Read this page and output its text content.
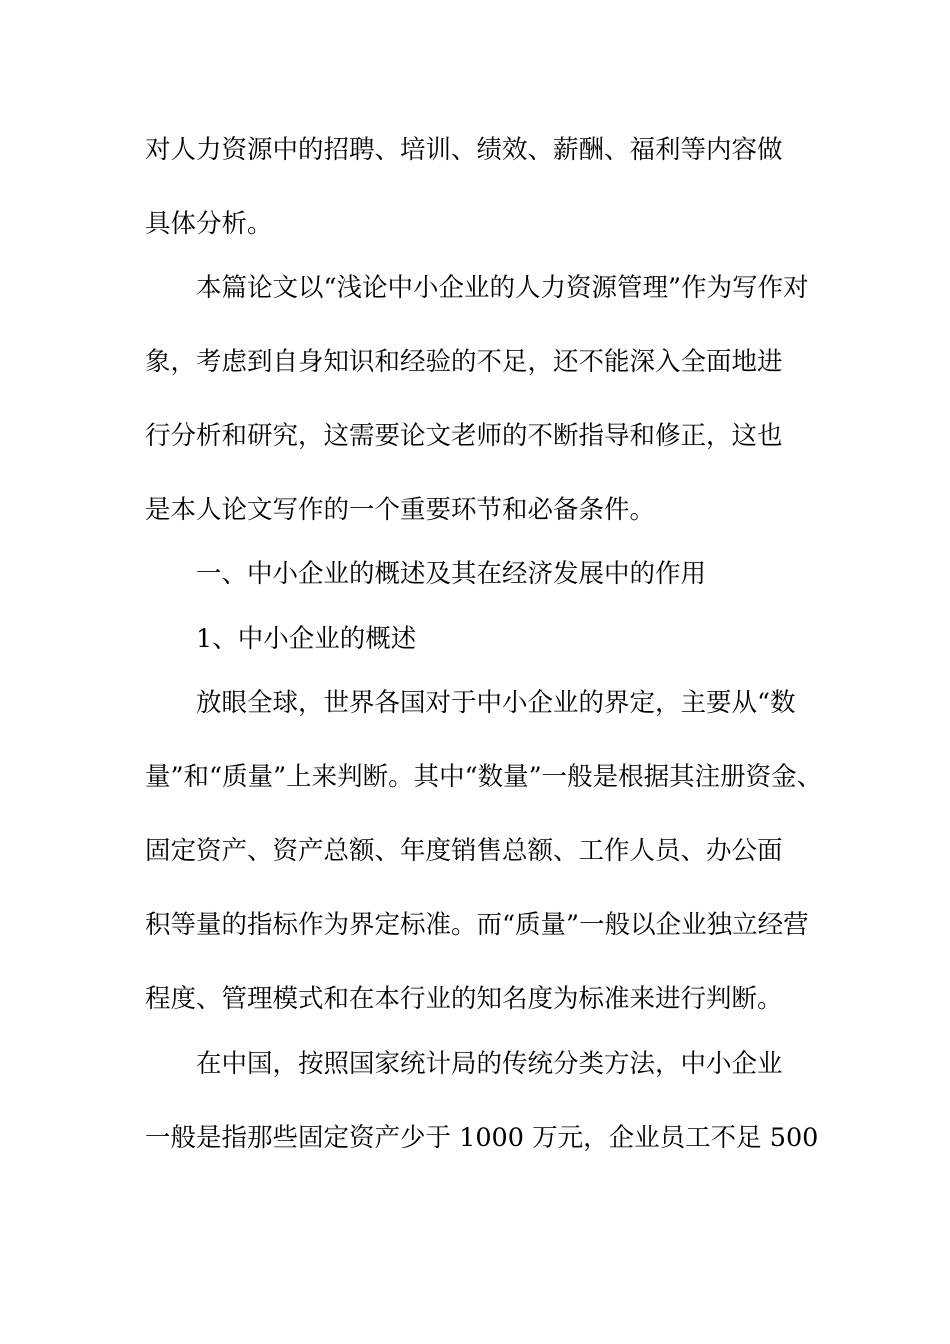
对人力资源中的招聘、培训、绩效、薪酬、福利等内容做
具体分析。
本篇论文以“浅论中小企业的人力资源管理”作为写作对
象，考虑到自身知识和经验的不足，还不能深入全面地进
行分析和研究，这需要论文老师的不断指导和修正，这也
是本人论文写作的一个重要环节和必备条件。
一、中小企业的概述及其在经济发展中的作用
1、中小企业的概述
放眼全球，世界各国对于中小企业的界定，主要从“数
量”和“质量”上来判断。其中“数量”一般是根据其注册资金、
固定资产、资产总额、年度销售总额、工作人员、办公面
积等量的指标作为界定标准。而“质量”一般以企业独立经营
程度、管理模式和在本行业的知名度为标准来进行判断。
在中国，按照国家统计局的传统分类方法，中小企业
一般是指那些固定资产少于 1000 万元，企业员工不足 500
